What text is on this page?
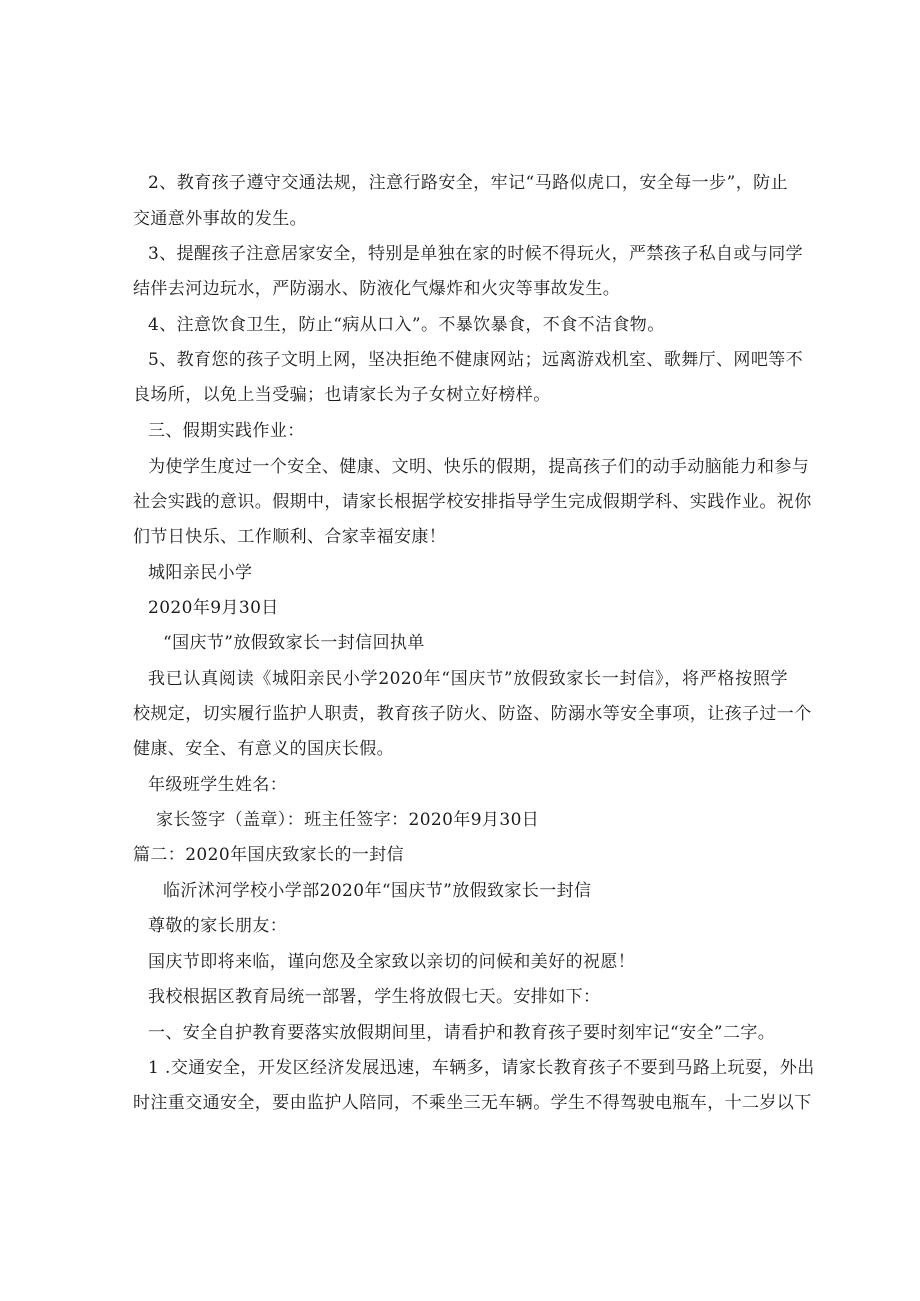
2、教育孩子遵守交通法规，注意行路安全，牢记“马路似虎口，安全每一步”，防止
交通意外事故的发生。
3、提醒孩子注意居家安全，特别是单独在家的时候不得玩火，严禁孩子私自或与同学
结伴去河边玩水，严防溺水、防液化气爆炸和火灾等事故发生。
4、注意饮食卫生，防止“病从口入”。不暴饮暴食，不食不洁食物。
5、教育您的孩子文明上网，坚决拒绝不健康网站；远离游戏机室、歌舞厅、网吧等不
良场所，以免上当受骗；也请家长为子女树立好榜样。
三、假期实践作业：
为使学生度过一个安全、健康、文明、快乐的假期，提高孩子们的动手动脑能力和参与
社会实践的意识。假期中，请家长根据学校安排指导学生完成假期学科、实践作业。祝你
们节日快乐、工作顺利、合家幸福安康！
城阳亲民小学
2020年9月30日
“国庆节”放假致家长一封信回执单
我已认真阅读《城阳亲民小学2020年“国庆节”放假致家长一封信》，将严格按照学
校规定，切实履行监护人职责，教育孩子防火、防盗、防溺水等安全事项，让孩子过一个
健康、安全、有意义的国庆长假。
年级班学生姓名：
家长签字（盖章）：班主任签字：2020年9月30日
篇二：2020年国庆致家长的一封信
临沂沭河学校小学部2020年“国庆节”放假致家长一封信
尊敬的家长朋友：
国庆节即将来临，谨向您及全家致以亲切的问候和美好的祝愿！
我校根据区教育局统一部署，学生将放假七天。安排如下：
一、安全自护教育要落实放假期间里，请看护和教育孩子要时刻牢记“安全”二字。
1 .交通安全，开发区经济发展迅速，车辆多，请家长教育孩子不要到马路上玩耍，外出
时注重交通安全，要由监护人陪同，不乘坐三无车辆。学生不得驾驶电瓶车，十二岁以下
